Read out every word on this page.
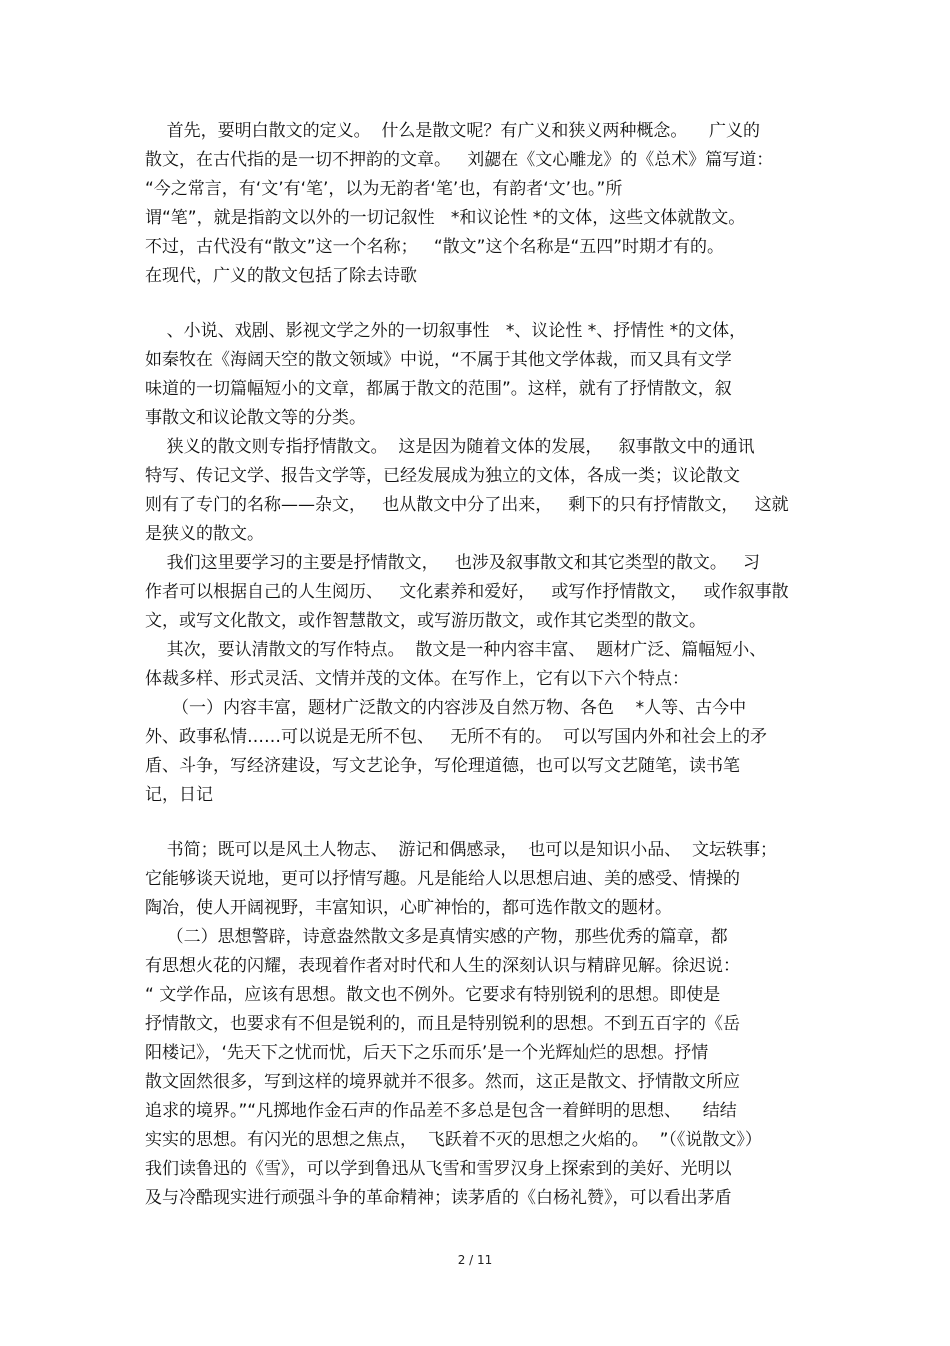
首先，要明白散文的定义。  什么是散文呢？有广义和狭义两种概念。    广义的
散文，在古代指的是一切不押韵的文章。   刘勰在《文心雕龙》的《总术》篇写道：
“今之常言，有‘文’有‘笔’，以为无韵者‘笔’也，有韵者‘文’也。”所
谓“笔”，就是指韵文以外的一切记叙性   *和议论性 *的文体，这些文体就散文。
不过，古代没有“散文”这一个名称；   “散文”这个名称是“五四”时期才有的。
在现代，广义的散文包括了除去诗歌
、小说、戏剧、影视文学之外的一切叙事性   *、议论性 *、抒情性 *的文体，
如秦牧在《海阔天空的散文领域》中说，“不属于其他文学体裁，而又具有文学
味道的一切篇幅短小的文章，都属于散文的范围”。这样，就有了抒情散文，叙
事散文和议论散文等的分类。
狭义的散文则专指抒情散文。  这是因为随着文体的发展，   叙事散文中的通讯
特写、传记文学、报告文学等，已经发展成为独立的文体，各成一类；议论散文
则有了专门的名称——杂文，   也从散文中分了出来，   剩下的只有抒情散文，   这就
是狭义的散文。
我们这里要学习的主要是抒情散文，   也涉及叙事散文和其它类型的散文。   习
作者可以根据自己的人生阅历、   文化素养和爱好，   或写作抒情散文，   或作叙事散
文，或写文化散文，或作智慧散文，或写游历散文，或作其它类型的散文。
其次，要认清散文的写作特点。  散文是一种内容丰富、  题材广泛、篇幅短小、
体裁多样、形式灵活、文情并茂的文体。在写作上，它有以下六个特点：
（一）内容丰富，题材广泛散文的内容涉及自然万物、各色    *人等、古今中
外、政事私情……可以说是无所不包、   无所不有的。  可以写国内外和社会上的矛
盾、斗争，写经济建设，写文艺论争，写伦理道德，也可以写文艺随笔，读书笔
记，日记
书简；既可以是风土人物志、  游记和偶感录，  也可以是知识小品、  文坛轶事；
它能够谈天说地，更可以抒情写趣。凡是能给人以思想启迪、美的感受、情操的
陶冶，使人开阔视野，丰富知识，心旷神怡的，都可选作散文的题材。
（二）思想警辟，诗意盎然散文多是真情实感的产物，那些优秀的篇章，都
有思想火花的闪耀，表现着作者对时代和人生的深刻认识与精辟见解。徐迟说：
“ 文学作品，应该有思想。散文也不例外。它要求有特别锐利的思想。即使是
抒情散文，也要求有不但是锐利的，而且是特别锐利的思想。不到五百字的《岳
阳楼记》，‘先天下之忧而忧，后天下之乐而乐’是一个光辉灿烂的思想。抒情
散文固然很多，写到这样的境界就并不很多。然而，这正是散文、抒情散文所应
追求的境界。”“凡掷地作金石声的作品差不多总是包含一着鲜明的思想、    结结
实实的思想。有闪光的思想之焦点，  飞跃着不灭的思想之火焰的。  ”（《说散文》）
我们读鲁迅的《雪》，可以学到鲁迅从飞雪和雪罗汉身上探索到的美好、光明以
及与冷酷现实进行顽强斗争的革命精神；读茅盾的《白杨礼赞》，可以看出茅盾
2 / 11
